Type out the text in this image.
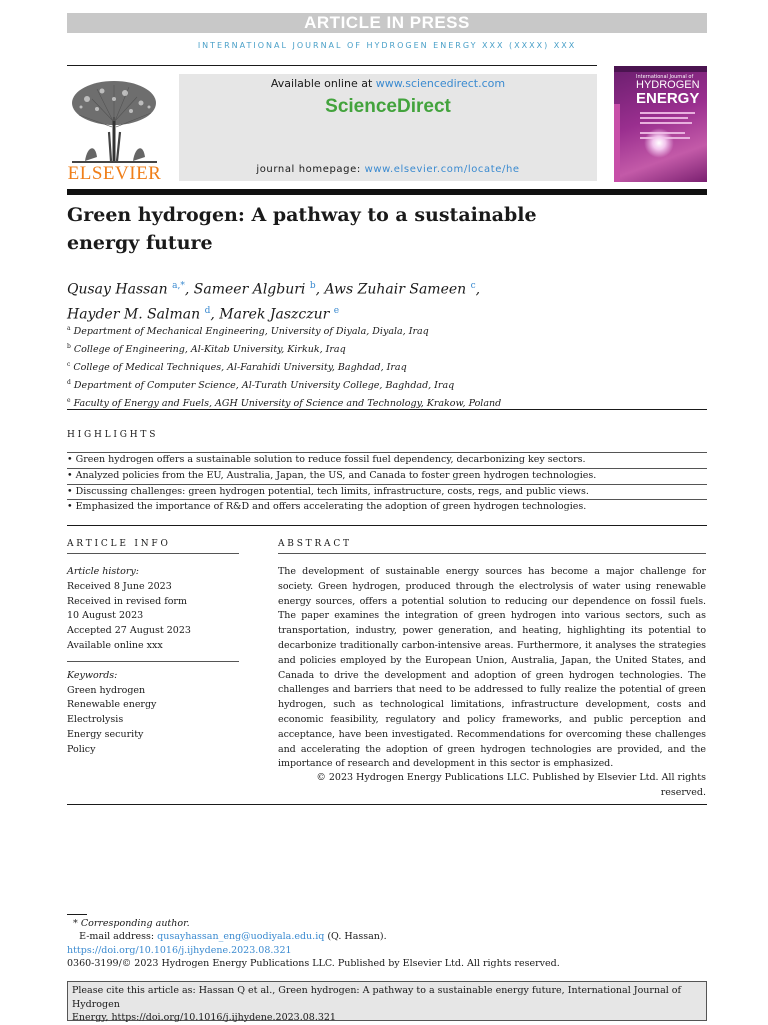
ARTICLE IN PRESS
INTERNATIONAL JOURNAL OF HYDROGEN ENERGY XXX (XXXX) XXX
ELSEVIER
Available online at www.sciencedirect.com
ScienceDirect
journal homepage: www.elsevier.com/locate/he
International Journal of
HYDROGEN
ENERGY
Green hydrogen: A pathway to a sustainable
energy future
Qusay Hassan $^{a,*}$, Sameer Algburi $^b$, Aws Zuhair Sameen $^c$,
Hayder M. Salman $^d$, Marek Jaszczur $^e$
$^a$ Department of Mechanical Engineering, University of Diyala, Diyala, Iraq
$^b$ College of Engineering, Al-Kitab University, Kirkuk, Iraq
$^c$ College of Medical Techniques, Al-Farahidi University, Baghdad, Iraq
$^d$ Department of Computer Science, Al-Turath University College, Baghdad, Iraq
$^e$ Faculty of Energy and Fuels, AGH University of Science and Technology, Krakow, Poland
HIGHLIGHTS
• Green hydrogen offers a sustainable solution to reduce fossil fuel dependency, decarbonizing key sectors.
• Analyzed policies from the EU, Australia, Japan, the US, and Canada to foster green hydrogen technologies.
• Discussing challenges: green hydrogen potential, tech limits, infrastructure, costs, regs, and public views.
• Emphasized the importance of R&D and offers accelerating the adoption of green hydrogen technologies.
ARTICLE INFO
Article history:
Received 8 June 2023
Received in revised form
10 August 2023
Accepted 27 August 2023
Available online xxx
Keywords:
Green hydrogen
Renewable energy
Electrolysis
Energy security
Policy
ABSTRACT
The development of sustainable energy sources has become a major challenge for society. Green hydrogen, produced through the electrolysis of water using renewable energy sources, offers a potential solution to reducing our dependence on fossil fuels. The paper examines the integration of green hydrogen into various sectors, such as transportation, industry, power generation, and heating, highlighting its potential to decarbonize traditionally carbon-intensive areas. Furthermore, it analyses the strategies and policies employed by the European Union, Australia, Japan, the United States, and Canada to drive the development and adoption of green hydrogen technologies. The challenges and barriers that need to be addressed to fully realize the potential of green hydrogen, such as technological limitations, infrastructure development, costs and economic feasibility, regulatory and policy frameworks, and public perception and acceptance, have been investigated. Recommendations for overcoming these challenges and accelerating the adoption of green hydrogen technologies are provided, and the importance of research and development in this sector is emphasized.
© 2023 Hydrogen Energy Publications LLC. Published by Elsevier Ltd. All rights reserved.
* Corresponding author.
E-mail address: qusayhassan_eng@uodiyala.edu.iq (Q. Hassan).
https://doi.org/10.1016/j.ijhydene.2023.08.321
0360-3199/© 2023 Hydrogen Energy Publications LLC. Published by Elsevier Ltd. All rights reserved.
Please cite this article as: Hassan Q et al., Green hydrogen: A pathway to a sustainable energy future, International Journal of Hydrogen
Energy, https://doi.org/10.1016/j.ijhydene.2023.08.321
